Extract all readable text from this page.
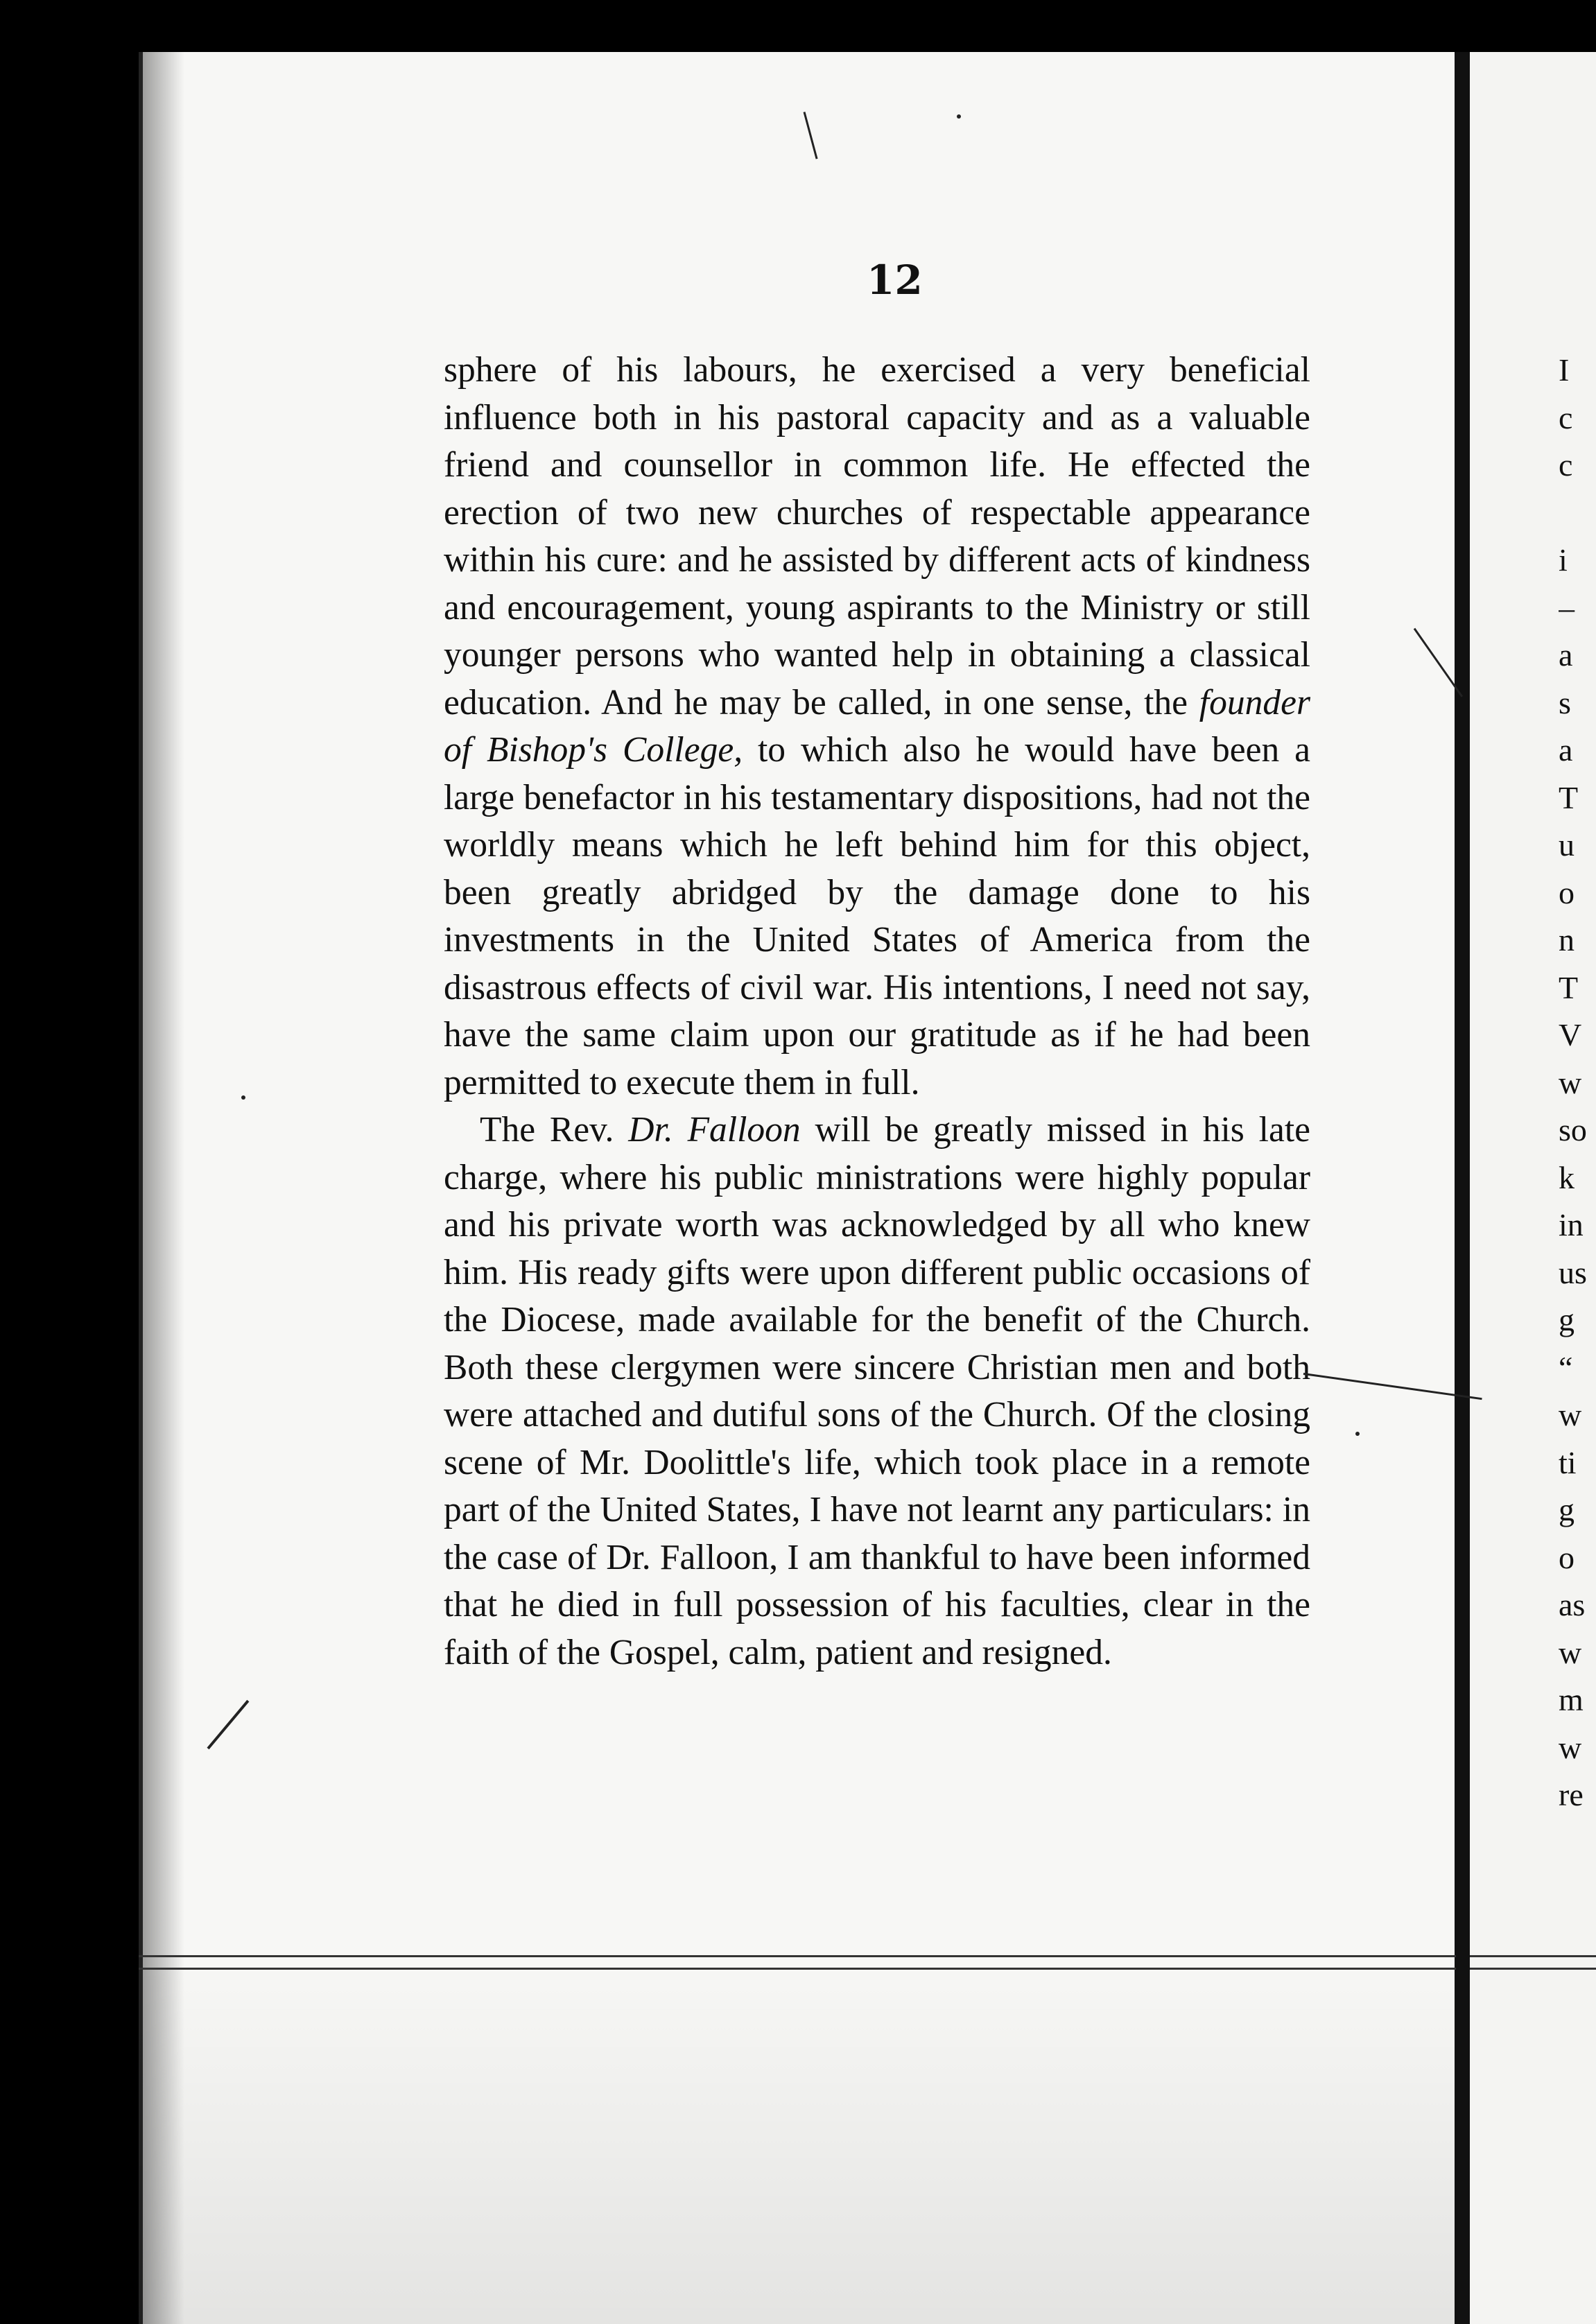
12

sphere of his labours, he exercised a very beneficial influence both in his pastoral capacity and as a valuable friend and counsellor in common life. He effected the erection of two new churches of respectable appearance within his cure: and he assisted by different acts of kindness and encouragement, young aspirants to the Ministry or still younger persons who wanted help in obtaining a classical education. And he may be called, in one sense, the founder of Bishop's College, to which also he would have been a large benefactor in his testamentary dispositions, had not the worldly means which he left behind him for this object, been greatly abridged by the damage done to his investments in the United States of America from the disastrous effects of civil war. His intentions, I need not say, have the same claim upon our gratitude as if he had been permitted to execute them in full.

The Rev. Dr. Falloon will be greatly missed in his late charge, where his public ministrations were highly popular and his private worth was acknowledged by all who knew him. His ready gifts were upon different public occasions of the Diocese, made available for the benefit of the Church. Both these clergymen were sincere Christian men and both were attached and dutiful sons of the Church. Of the closing scene of Mr. Doolittle's life, which took place in a remote part of the United States, I have not learnt any particulars: in the case of Dr. Falloon, I am thankful to have been informed that he died in full possession of his faculties, clear in the faith of the Gospel, calm, patient and resigned.

I
c
c
i
–
a
s
a
T
u
o
n
T
V
w
so
k
in
us
g
“
w
ti
g
o
as
w
m
w
re
